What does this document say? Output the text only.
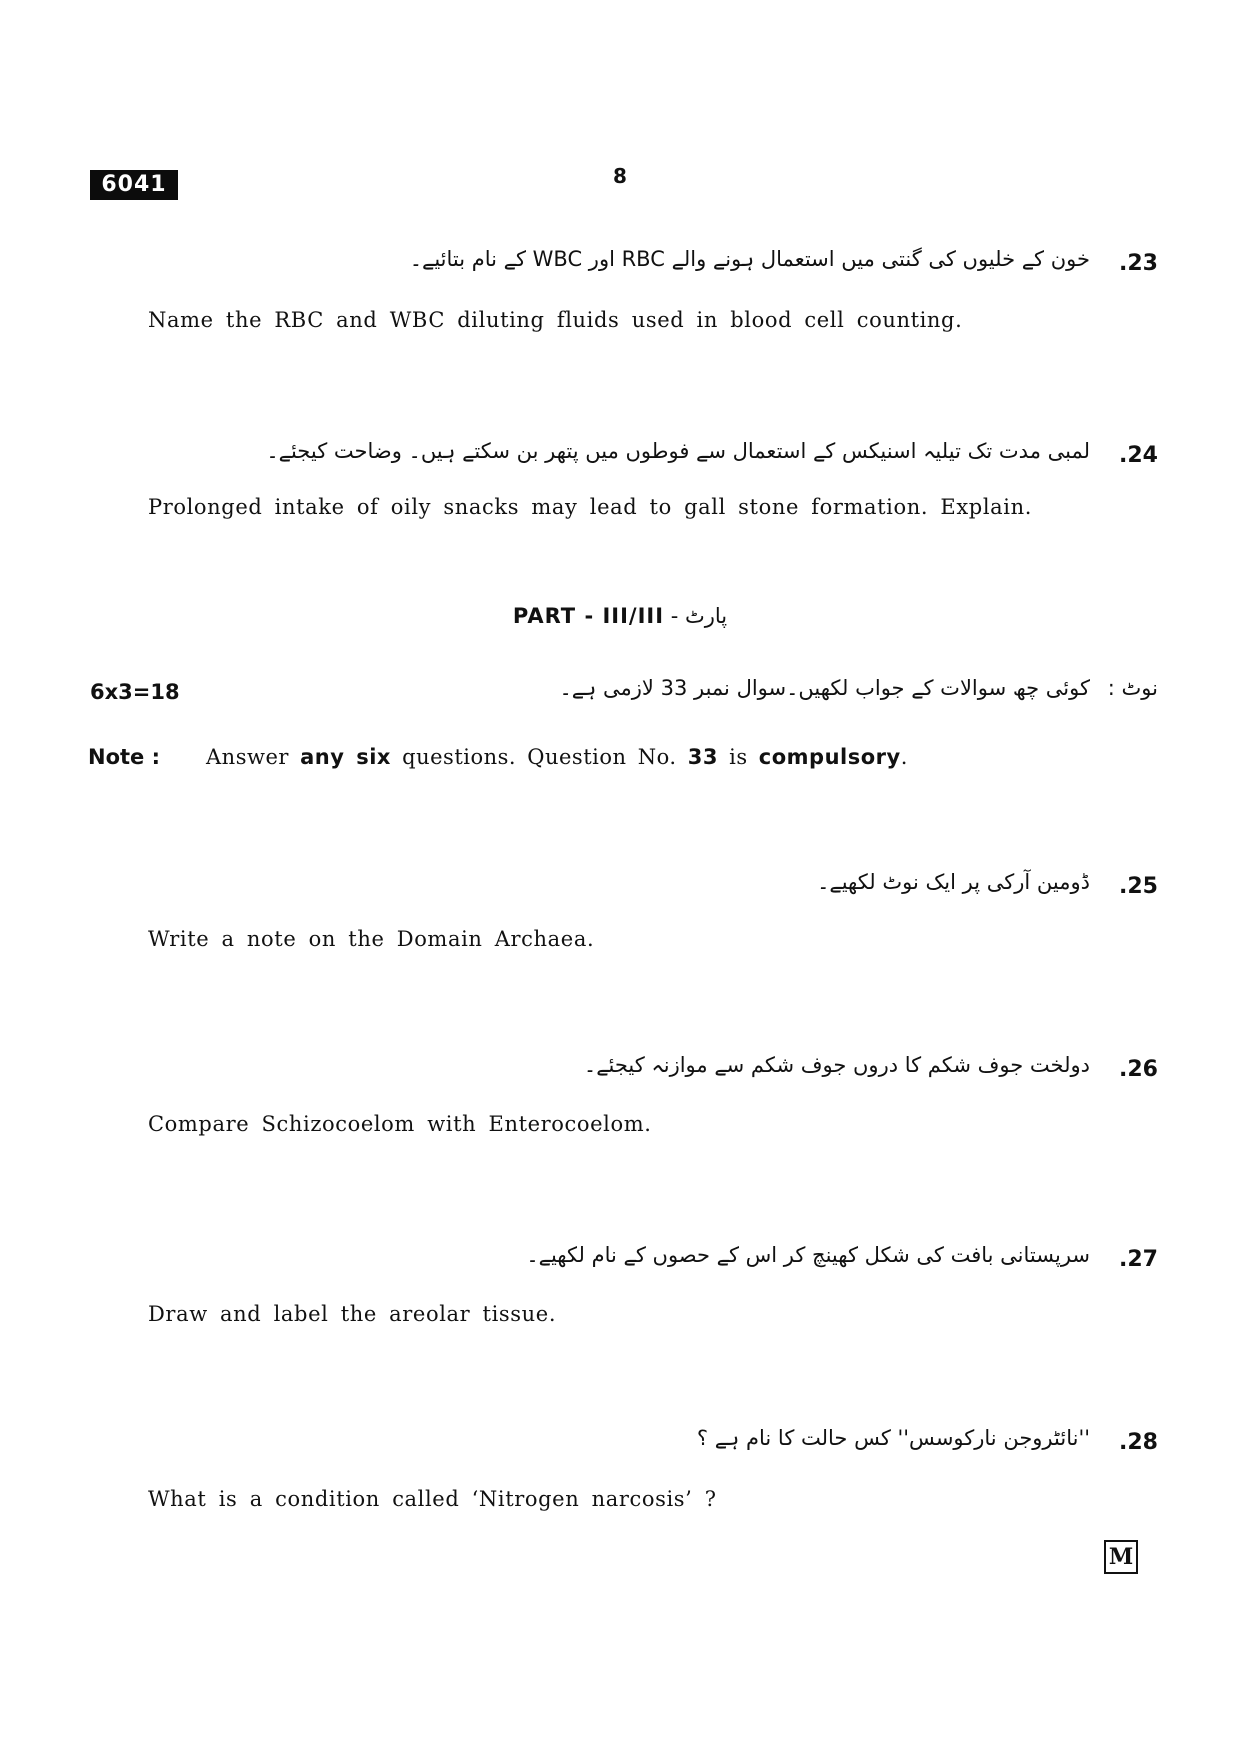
6041	8
خون کے خلیوں کی گنتی میں استعمال ہونے والے RBC اور WBC کے نام بتائیے۔ .23
Name the RBC and WBC diluting fluids used in blood cell counting.
لمبی مدت تک تیلیہ اسنیکس کے استعمال سے فوطوں میں پتھر بن سکتے ہیں۔ وضاحت کیجئے۔ .24
Prolonged intake of oily snacks may lead to gall stone formation. Explain.
PART - III/III - پارٹ
6x3=18	کوئی چھ سوالات کے جواب لکھیں۔سوال نمبر 33 لازمی ہے۔ نوٹ :
Note : Answer any six questions. Question No. 33 is compulsory.
ڈومین آرکی پر ایک نوٹ لکھیے۔ .25
Write a note on the Domain Archaea.
دولخت جوف شکم کا دروں جوف شکم سے موازنہ کیجئے۔ .26
Compare Schizocoelom with Enterocoelom.
سرپستانی بافت کی شکل کھینچ کر اس کے حصوں کے نام لکھیے۔ .27
Draw and label the areolar tissue.
''نائٹروجن نارکوسس'' کس حالت کا نام ہے ؟ .28
What is a condition called ‘Nitrogen narcosis’ ?
M
